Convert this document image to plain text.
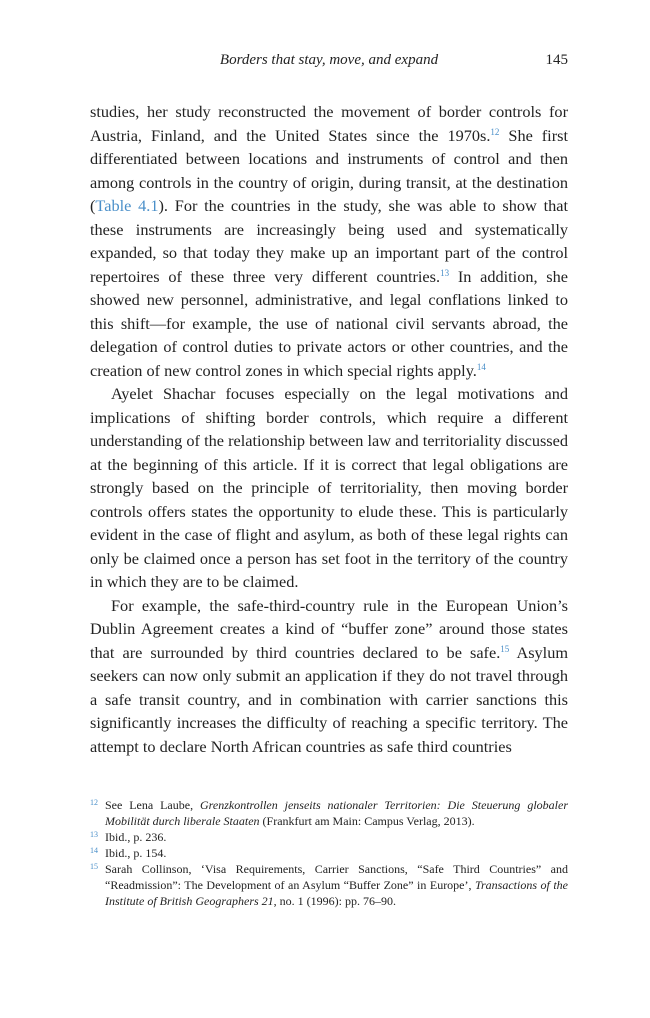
Borders that stay, move, and expand	145

studies, her study reconstructed the movement of border controls for Austria, Finland, and the United States since the 1970s.$^{12}$ She first differentiated between locations and instruments of control and then among controls in the country of origin, during transit, at the destination (Table 4.1). For the countries in the study, she was able to show that these instruments are increasingly being used and systematically expanded, so that today they make up an important part of the control repertoires of these three very different countries.$^{13}$ In addition, she showed new personnel, administrative, and legal conflations linked to this shift—for example, the use of national civil servants abroad, the delegation of control duties to private actors or other countries, and the creation of new control zones in which special rights apply.$^{14}$

Ayelet Shachar focuses especially on the legal motivations and implications of shifting border controls, which require a different understanding of the relationship between law and territoriality discussed at the beginning of this article. If it is correct that legal obligations are strongly based on the principle of territoriality, then moving border controls offers states the opportunity to elude these. This is particularly evident in the case of flight and asylum, as both of these legal rights can only be claimed once a person has set foot in the territory of the country in which they are to be claimed.

For example, the safe-third-country rule in the European Union’s Dublin Agreement creates a kind of “buffer zone” around those states that are surrounded by third countries declared to be safe.$^{15}$ Asylum seekers can now only submit an application if they do not travel through a safe transit country, and in combination with carrier sanctions this significantly increases the difficulty of reaching a specific territory. The attempt to declare North African countries as safe third countries

12 See Lena Laube, Grenzkontrollen jenseits nationaler Territorien: Die Steuerung globaler Mobilität durch liberale Staaten (Frankfurt am Main: Campus Verlag, 2013).
13 Ibid., p. 236.
14 Ibid., p. 154.
15 Sarah Collinson, ‘Visa Requirements, Carrier Sanctions, “Safe Third Countries” and “Readmission”: The Development of an Asylum “Buffer Zone” in Europe’, Transactions of the Institute of British Geographers 21, no. 1 (1996): pp. 76–90.
